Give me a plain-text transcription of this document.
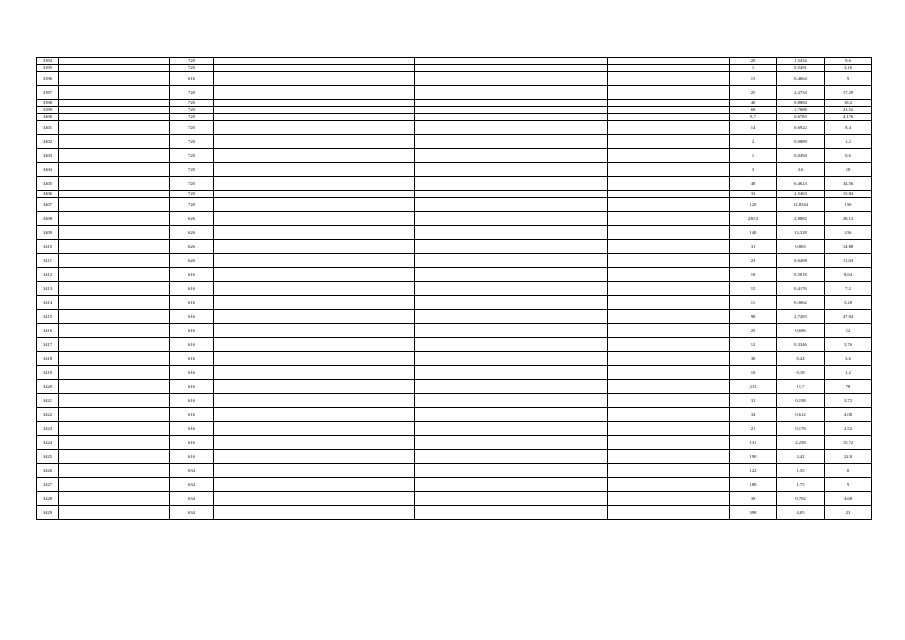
3394		720				20	1,5432	9,6
3395		720				1	0,5491	3,16
3396		616				15	0,4664	9
3397		720				25	2,2754	17,29
3398		720				40	0,8884	18,2
3399		720				69	1,7088	23,52
3400		720				8,7	0,6783	4,176
3401		720				14	0,6922	8,4
3402		720				2	0,0889	1,2
3403		720				1	0,0494	0,6
3404		720				3	3,6	18
3405		720				48	6,4623	34,56
3406		720				33	2,5463	15,84
3407		720				120	12,8544	156
3408		626				230,5	2,8882	28,12
3409		626				140	13,328	216
3410		626				31	0,863	14,88
3411		626				23	0,6408	11,04
3412		616				18	0,5018	8,64
3413		616				15	0,4176	7,2
3414		616				11	0,3062	5,28
3415		616				98	2,7283	47,04
3416		616				25	0,696	12
3417		616				12	0,3346	5,76
3418		616				30	0,24	3,6
3419		616				10	0,18	1,2
3420		616				213	11,7	78
3421		616				31	0,198	3,72
3422		616				34	0,612	4,08
3423		616				21	0,178	2,52
3424		616				131	2,258	15,72
3425		616				190	3,42	22,8
3426		634				122	1,35	0
3427		634				188	1,75	9
3428		634				39	0,702	4,68
3429		634				398	4,05	23
